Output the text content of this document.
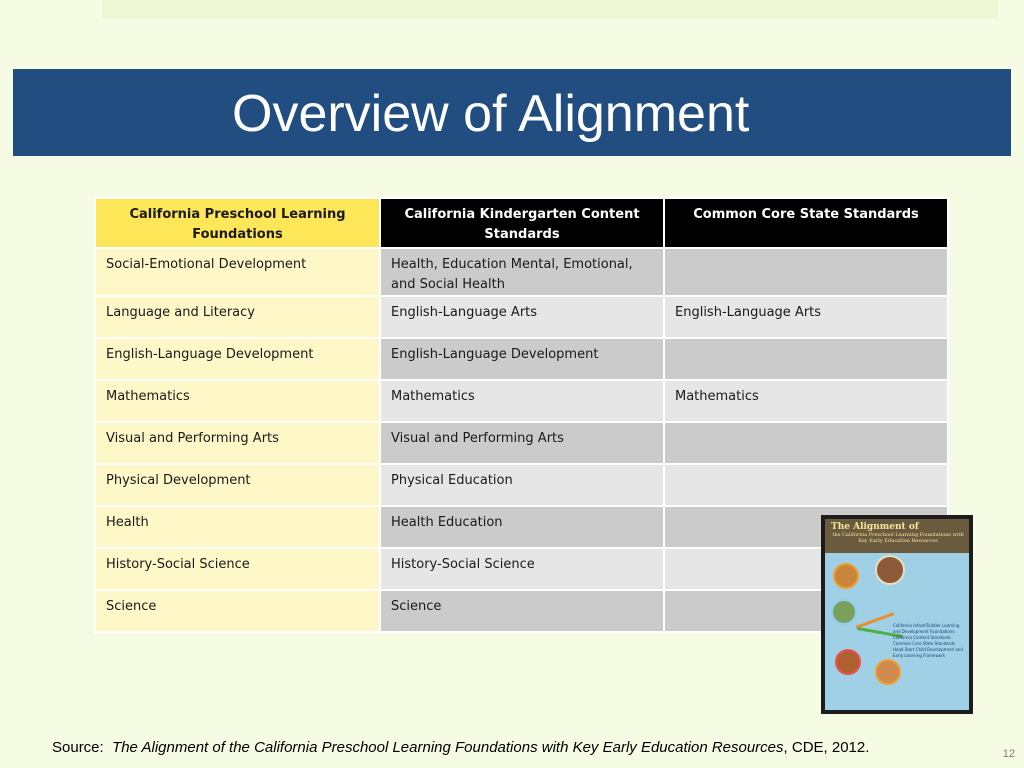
Overview of Alignment
California Preschool Learning Foundations	California Kindergarten Content Standards	Common Core State Standards
Social-Emotional Development	Health, Education Mental, Emotional, and Social Health	
Language and Literacy	English-Language Arts	English-Language Arts
English-Language Development	English-Language Development	
Mathematics	Mathematics	Mathematics
Visual and Performing Arts	Visual and Performing Arts	
Physical Development	Physical Education	
Health	Health Education	
History-Social Science	History-Social Science	
Science	Science	
The Alignment of
the California Preschool Learning Foundations with Key Early Education Resources
California Infant/Toddler Learning and Development Foundations
California Content Standards
Common Core State Standards
Head Start Child Development and Early Learning Framework
Source: The Alignment of the California Preschool Learning Foundations with Key Early Education Resources, CDE, 2012.	12
